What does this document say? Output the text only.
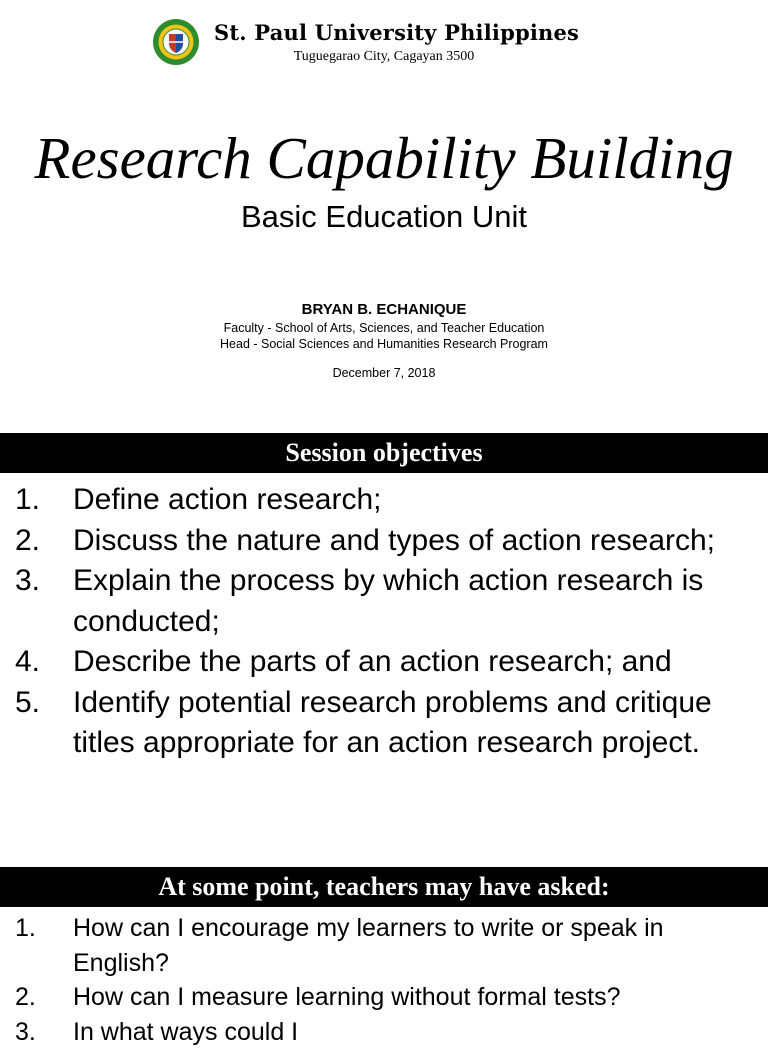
St. Paul University Philippines
Tuguegarao City, Cagayan 3500
Research Capability Building
Basic Education Unit
BRYAN B. ECHANIQUE
Faculty - School of Arts, Sciences, and Teacher Education
Head - Social Sciences and Humanities Research Program
December 7, 2018
Session objectives
1. Define action research;
2. Discuss the nature and types of action research;
3. Explain the process by which action research is conducted;
4. Describe the parts of an action research; and
5. Identify potential research problems and critique titles appropriate for an action research project.
At some point, teachers may have asked:
1. How can I encourage my learners to write or speak in English?
2. How can I measure learning without formal tests?
3. In what ways could I
